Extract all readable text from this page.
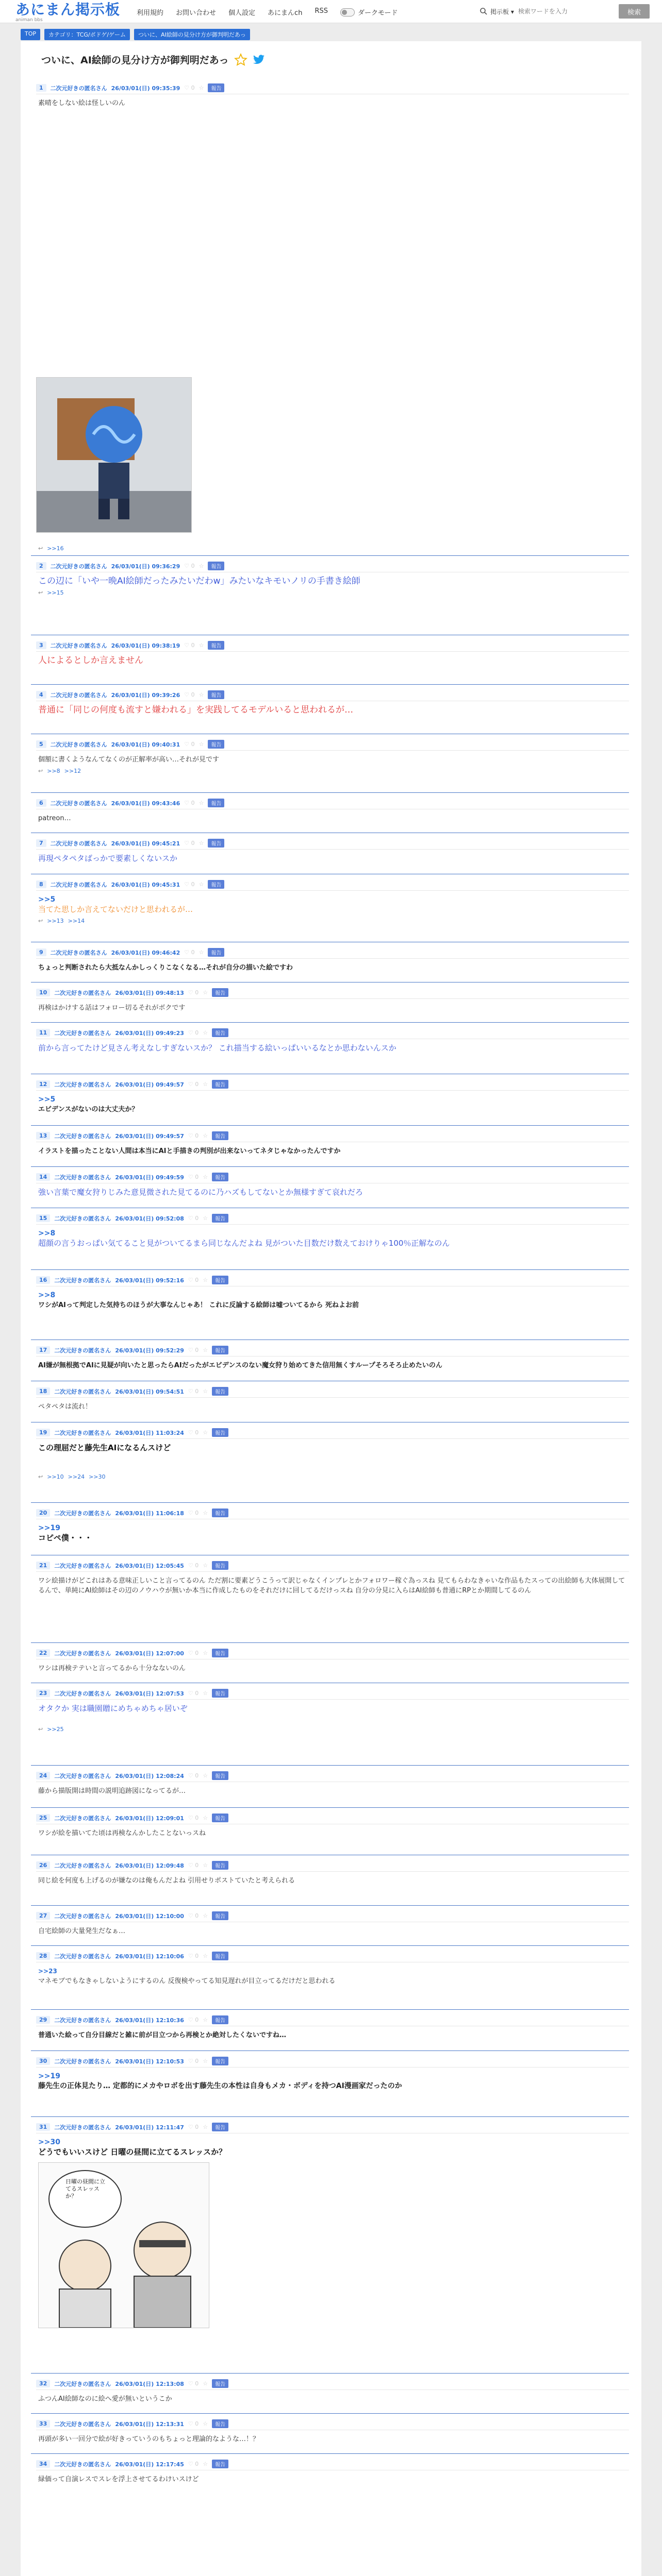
あにまん掲示板
animan bbs
利用規約 お問い合わせ 個人設定 あにまんch RSS	ダークモード	掲示板 ▾
検索ワードを入力	検索
TOP	カテゴリ：TCG/ボドゲ/ゲーム	ついに、AI絵師の見分け方が御判明だあっ
ついに、AI絵師の見分け方が御判明だあっ
1	二次元好きの匿名さん 26/03/01(日) 09:35:39 ♡ 0 ☆	報告
素晴をしない絵は怪しいのん
↩ >>16
2	二次元好きの匿名さん 26/03/01(日) 09:36:29 ♡ 0 ☆	報告
この辺に「いや一晩AI絵師だったみたいだわw」みたいなキモいノリの手書き絵師
↩ >>15
3	二次元好きの匿名さん 26/03/01(日) 09:38:19 ♡ 0 ☆	報告
人によるとしか言えません
4	二次元好きの匿名さん 26/03/01(日) 09:39:26 ♡ 0 ☆	報告
普通に「同じの何度も流すと嫌われる」を実践してるモデルいると思われるが…
5	二次元好きの匿名さん 26/03/01(日) 09:40:31 ♡ 0 ☆	報告
個額に書くようなんてなくのが正解率が高い…それが見です
↩ >>8 >>12
6	二次元好きの匿名さん 26/03/01(日) 09:43:46 ♡ 0 ☆	報告
patreon…
7	二次元好きの匿名さん 26/03/01(日) 09:45:21 ♡ 0 ☆	報告
再現ペタペタばっかで要素しくないスか
8	二次元好きの匿名さん 26/03/01(日) 09:45:31 ♡ 0 ☆	報告
>>5
当てた思しか言えてないだけと思われるが…
↩ >>13 >>14
9	二次元好きの匿名さん 26/03/01(日) 09:46:42 ♡ 0 ☆	報告
ちょっと判断されたら大抵なんかしっくりこなくなる…それが自分の描いた絵ですわ
10	二次元好きの匿名さん 26/03/01(日) 09:48:13 ♡ 0 ☆	報告
再検はかけする話はフォロー切るそれがボクです
11	二次元好きの匿名さん 26/03/01(日) 09:49:23 ♡ 0 ☆	報告
前から言ってたけど見さん考えなしすぎないスか？ これ描当する絵いっぱいいるなとか思わないんスか
12	二次元好きの匿名さん 26/03/01(日) 09:49:57 ♡ 0 ☆	報告
>>5
エビデンスがないのは大丈夫か？
13	二次元好きの匿名さん 26/03/01(日) 09:49:57 ♡ 0 ☆	報告
イラストを描ったことない人間は本当にAIと手描きの判別が出来ないってネタじゃなかったんですか
14	二次元好きの匿名さん 26/03/01(日) 09:49:59 ♡ 0 ☆	報告
強い言葉で魔女狩りじみた意見微された見てるのに乃ハズもしてないとか無様すぎて哀れだろ
15	二次元好きの匿名さん 26/03/01(日) 09:52:08 ♡ 0 ☆	報告
>>8
超顔の言うおっぱい気てること見がついてるまら同じなんだよね 見がついた目数だけ数えておけりゃ100％正解なのん
16	二次元好きの匿名さん 26/03/01(日) 09:52:16 ♡ 0 ☆	報告
>>8
ワシがAIって判定した気持ちのほうが大事なんじゃあ！ これに反論する絵師は嘘ついてるから 死ねよお前
17	二次元好きの匿名さん 26/03/01(日) 09:52:29 ♡ 0 ☆	報告
AI嫌が無根拠でAIに見疑が向いたと思ったらAIだったがエビデンスのない魔女狩り始めてきた信用無くすループそろそろ止めたいのん
18	二次元好きの匿名さん 26/03/01(日) 09:54:51 ♡ 0 ☆	報告
ペタペタは流れ！
19	二次元好きの匿名さん 26/03/01(日) 11:03:24 ♡ 0 ☆	報告
この理屈だと藤先生AIになるんスけど
↩ >>10 >>24 >>30
20	二次元好きの匿名さん 26/03/01(日) 11:06:18 ♡ 0 ☆	報告
>>19
コピペ僕・・・
21	二次元好きの匿名さん 26/03/01(日) 12:05:45 ♡ 0 ☆	報告
ワシ絵描けがどこれはある意味正しいこと言ってるのん ただ割に要素どうこうって訳じゃなくインプレとかフォロワー稼ぐ為っスね 見てもらわなきゃいな作品もたスっての出絵師も大体展開してるんで、単純にAI絵師はその辺のノウハウが無いか本当に作成したものをそれだけに回してるだけっスね 自分の分見に入らはAI絵師も普通にRPとか期間してるのん
22	二次元好きの匿名さん 26/03/01(日) 12:07:00 ♡ 0 ☆	報告
ワシは再検テテいと言ってるから十分なないのん
23	二次元好きの匿名さん 26/03/01(日) 12:07:53 ♡ 0 ☆	報告
オタクか 実は職園贈にめちゃめちゃ居いぞ
↩ >>25
24	二次元好きの匿名さん 26/03/01(日) 12:08:24 ♡ 0 ☆	報告
藤から描版開は時間の説明追跡図になってるが…
25	二次元好きの匿名さん 26/03/01(日) 12:09:01 ♡ 0 ☆	報告
ワシが絵を描いてた頃は再検なんかしたことないっスね
26	二次元好きの匿名さん 26/03/01(日) 12:09:48 ♡ 0 ☆	報告
同じ絵を何度も上げるのが嫌なのは俺もんだよね 引用せりポストていたと考えられる
27	二次元好きの匿名さん 26/03/01(日) 12:10:00 ♡ 0 ☆	報告
自宅絵師の大量発生だなぁ…
28	二次元好きの匿名さん 26/03/01(日) 12:10:06 ♡ 0 ☆	報告
>>23
マネモブでもなきゃしないようにするのん 反復検やってる知見遅れが目立ってるだけだと思われる
29	二次元好きの匿名さん 26/03/01(日) 12:10:36 ♡ 0 ☆	報告
普通いた絵って自分目線だと雑に前が目立つから再検とか絶対したくないですね…
30	二次元好きの匿名さん 26/03/01(日) 12:10:53 ♡ 0 ☆	報告
>>19
藤先生の正体見たり… 定都的にメカやロボを出す藤先生の本性は自身もメカ・ボディを持つAI漫画家だったのか
31	二次元好きの匿名さん 26/03/01(日) 12:11:47 ♡ 0 ☆	報告
>>30
どうでもいいスけど 日曜の昼間に立てるスレッスか？
日曜の昼間に立てるスレッスか？
32	二次元好きの匿名さん 26/03/01(日) 12:13:08 ♡ 0 ☆	報告
ふつんAI絵師なのに絵へ愛が無いというこか
33	二次元好きの匿名さん 26/03/01(日) 12:13:31 ♡ 0 ☆	報告
再頭が多い一回分で絵が好きっていうのもちょっと理論的なような…！？
34	二次元好きの匿名さん 26/03/01(日) 12:17:45 ♡ 0 ☆	報告
緑価って自演レスでスレを浮上させてるわけいスけど
